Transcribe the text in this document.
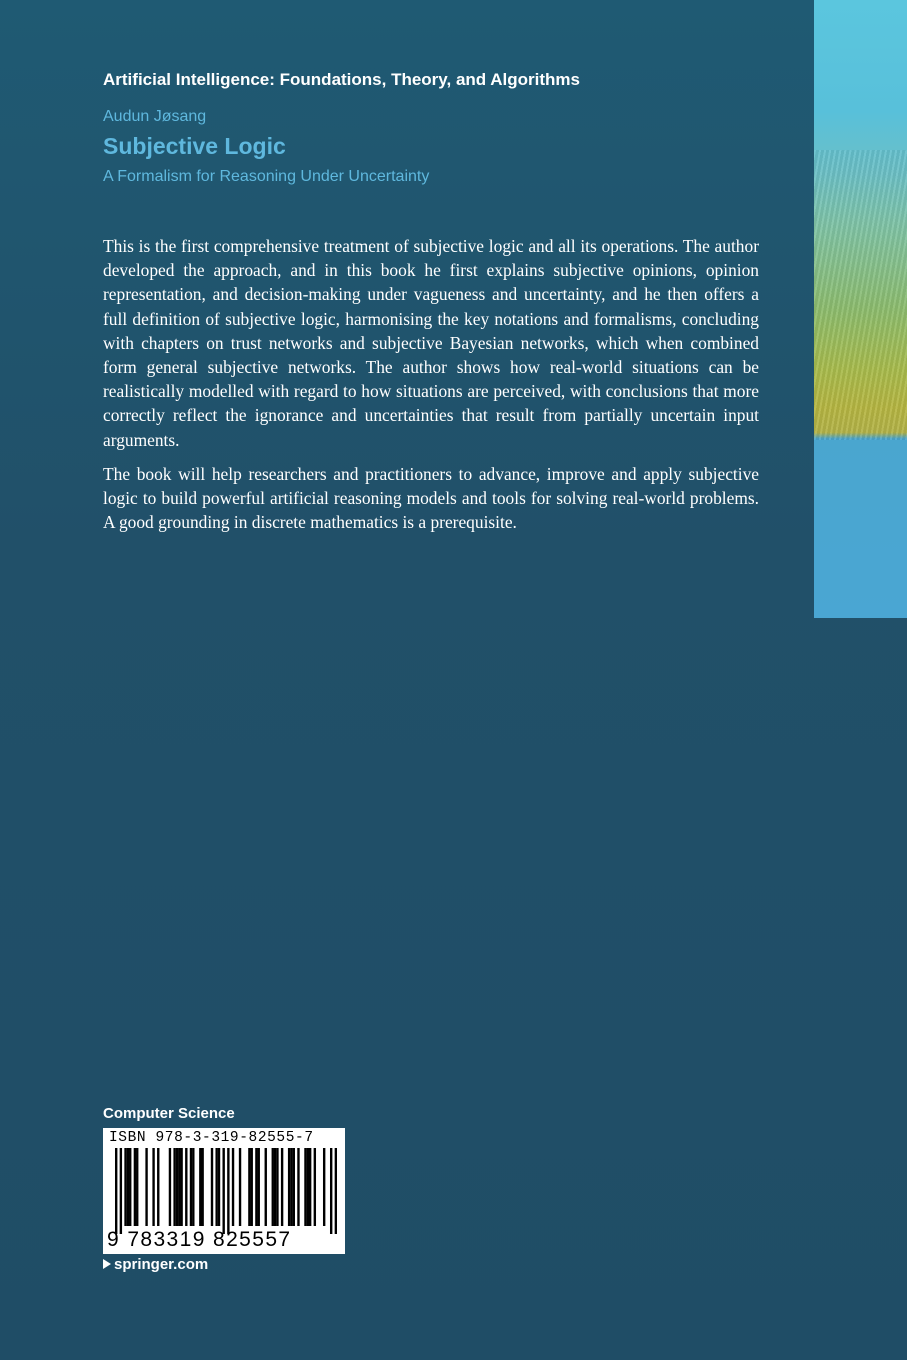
Artificial Intelligence: Foundations, Theory, and Algorithms
Audun Jøsang
Subjective Logic
A Formalism for Reasoning Under Uncertainty

This is the first comprehensive treatment of subjective logic and all its operations. The author developed the approach, and in this book he first explains subjective opinions, opinion representation, and decision-making under vagueness and uncertainty, and he then offers a full definition of subjective logic, harmonising the key notations and formalisms, concluding with chapters on trust networks and subjective Bayesian networks, which when combined form general subjective networks. The author shows how real-world situations can be realistically modelled with regard to how situations are perceived, with conclusions that more correctly reflect the ignorance and uncertainties that result from partially uncertain input arguments.

The book will help researchers and practitioners to advance, improve and apply subjective logic to build powerful artificial reasoning models and tools for solving real-world problems. A good grounding in discrete mathematics is a prerequisite.

Computer Science
ISBN 978-3-319-82555-7
9 783319 825557
springer.com
